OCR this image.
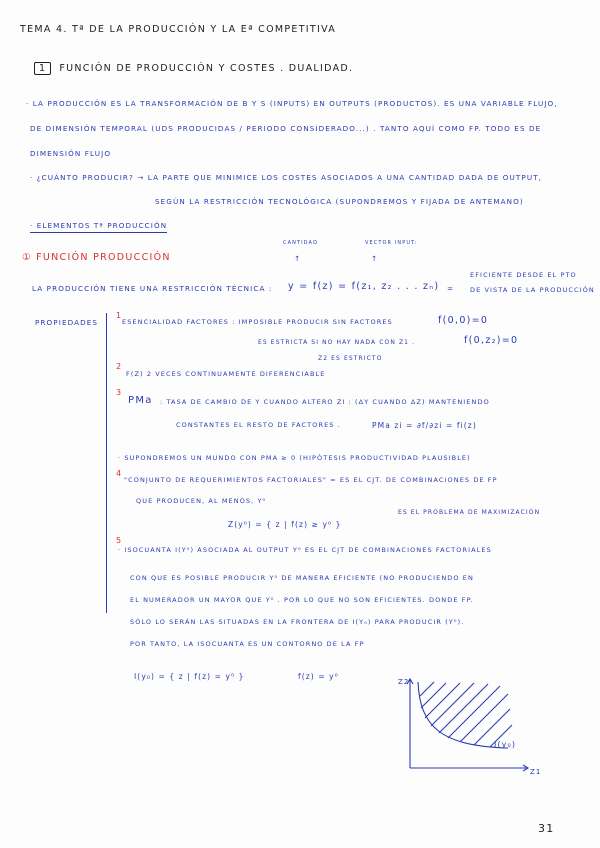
TEMA 4. Tª DE LA PRODUCCIÓN Y LA Eª COMPETITIVA
1 FUNCIÓN DE PRODUCCIÓN Y COSTES . DUALIDAD.
· LA PRODUCCIÓN ES LA TRANSFORMACIÓN DE B Y S (INPUTS) EN OUTPUTS (PRODUCTOS). ES UNA VARIABLE FLUJO,
DE DIMENSIÓN TEMPORAL (UDS PRODUCIDAS / PERIODO CONSIDERADO...) . TANTO AQUÍ COMO FP. TODO ES DE
DIMENSIÓN FLUJO
· ¿CUÁNTO PRODUCIR? → LA PARTE QUE MINIMICE LOS COSTES ASOCIADOS A UNA CANTIDAD DADA DE OUTPUT,
SEGÚN LA RESTRICCIÓN TECNOLÓGICA (SUPONDREMOS Y FIJADA DE ANTEMANO)
· ELEMENTOS Tª PRODUCCIÓN
① FUNCIÓN PRODUCCIÓN
CANTIDAD	VECTOR INPUT:
↑	↑
LA PRODUCCIÓN TIENE UNA RESTRICCIÓN TÉCNICA : y = f(z) = f(z₁, z₂ . . . zₙ) =
EFICIENTE DESDE EL PTO
DE VISTA DE LA PRODUCCIÓN
PROPIEDADES
1
ESENCIALIDAD FACTORES : IMPOSIBLE PRODUCIR SIN FACTORES	f(0,0)=0
ES ESTRICTA SI NO HAY NADA CON Z1 .	f(0,z₂)=0
Z2 ES ESTRICTO
2
F(Z) 2 VECES CONTINUAMENTE DIFERENCIABLE
3
PMa : TASA DE CAMBIO DE Y CUANDO ALTERO ZI : (ΔY CUANDO ΔZ) MANTENIENDO
CONSTANTES EL RESTO DE FACTORES .	PMa zi = ∂f/∂zi = fi(z)
· SUPONDREMOS UN MUNDO CON PMA ≥ 0 (HIPÓTESIS PRODUCTIVIDAD PLAUSIBLE)
4
"CONJUNTO DE REQUERIMIENTOS FACTORIALES" = ES EL CJT. DE COMBINACIONES DE FP
QUE PRODUCEN, AL MENOS, Y⁰
ES EL PROBLEMA DE MAXIMIZACIÓN
Z(y⁰) = { z | f(z) ≥ y⁰ }
5
· ISOCUANTA I(Y⁰) ASOCIADA AL OUTPUT Y⁰ ES EL CJT DE COMBINACIONES FACTORIALES
CON QUE ES POSIBLE PRODUCIR Y⁰ DE MANERA EFICIENTE (NO PRODUCIENDO EN
EL NUMERADOR UN MAYOR QUE Y⁰ . POR LO QUE NO SON EFICIENTES. DONDE FP.
SÓLO LO SERÁN LAS SITUADAS EN LA FRONTERA DE I(Y₀) PARA PRODUCIR (Y⁰).
POR TANTO, LA ISOCUANTA ES UN CONTORNO DE LA FP
I(y₀) = { z | f(z) = y⁰ }	f(z) = y⁰
Z2
Z1
I(y₀)
31
